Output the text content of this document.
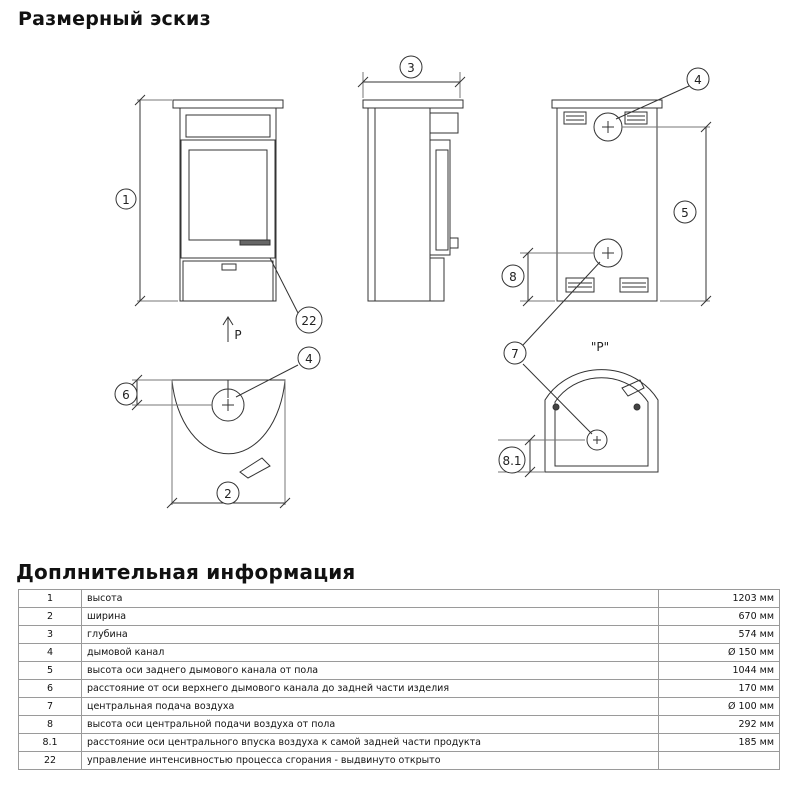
Размерный эскиз
1
3
4
5
8
22
4
6
2
7
8.1
P
"P"
Доплнительная информация
1	высота	1203 мм
2	ширина	670 мм
3	глубина	574 мм
4	дымовой канал	Ø 150 мм
5	высота оси заднего дымового канала от пола	1044 мм
6	расстояние от оси верхнего дымового канала до задней части изделия	170 мм
7	центральная подача воздуха	Ø 100 мм
8	высота оси центральной подачи воздуха от пола	292 мм
8.1	расстояние оси центрального впуска воздуха к самой задней части продукта	185 мм
22	управление интенсивностью процесса сгорания - выдвинуто открыто	
